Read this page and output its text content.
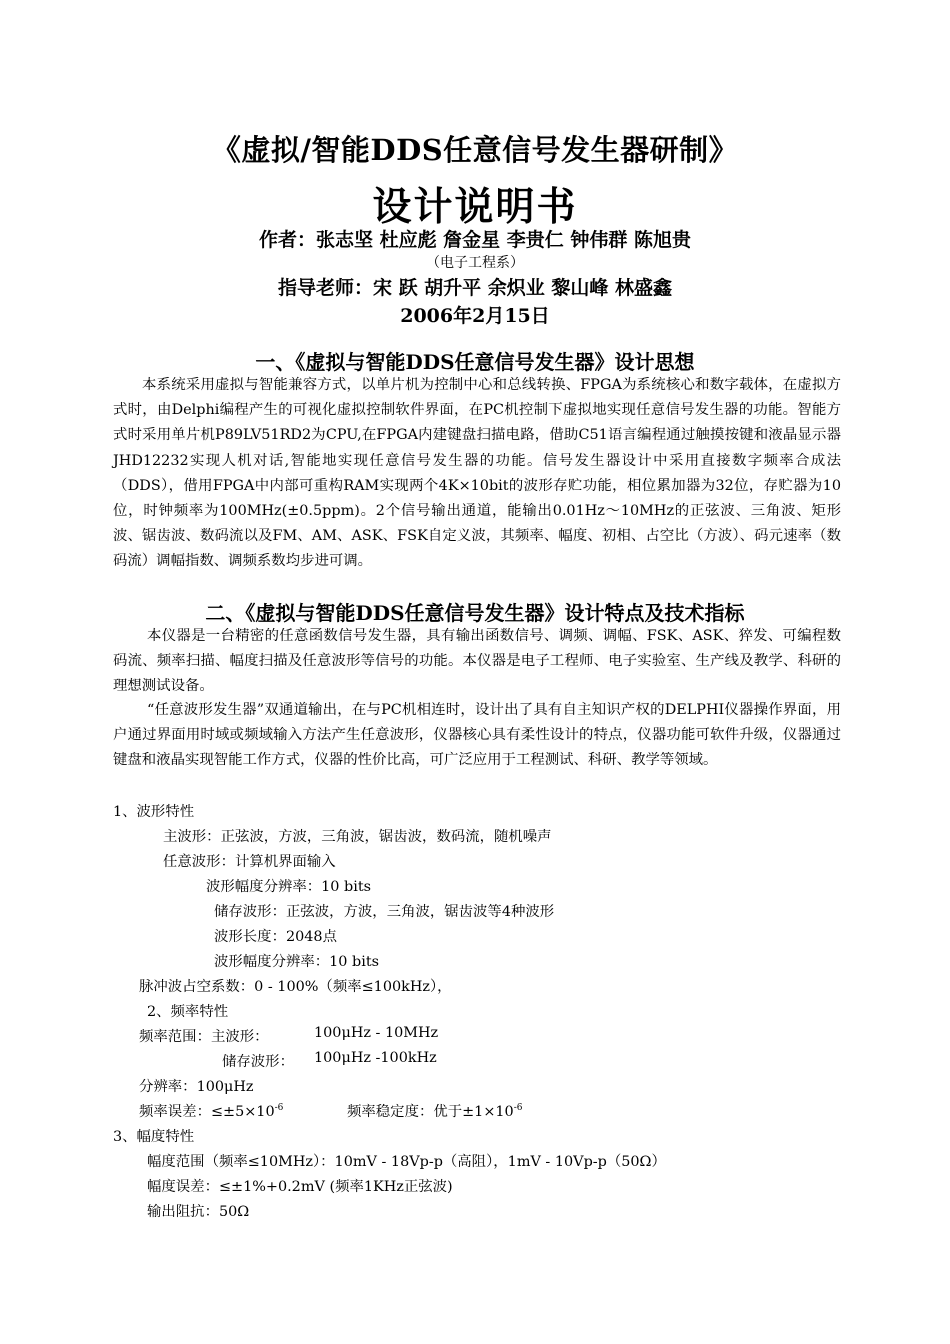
《虚拟/智能DDS任意信号发生器研制》
设计说明书
作者：张志坚 杜应彪 詹金星 李贵仁 钟伟群 陈旭贵
（电子工程系）
指导老师：宋 跃 胡升平 余炽业 黎山峰 林盛鑫
2006年2月15日
一、《虚拟与智能DDS任意信号发生器》设计思想

本系统采用虚拟与智能兼容方式，以单片机为控制中心和总线转换、FPGA为系统核心和数字载体，在虚拟方式时，由Delphi编程产生的可视化虚拟控制软件界面，在PC机控制下虚拟地实现任意信号发生器的功能。智能方式时采用单片机P89LV51RD2为CPU,在FPGA内建键盘扫描电路，借助C51语言编程通过触摸按键和液晶显示器JHD12232实现人机对话,智能地实现任意信号发生器的功能。信号发生器设计中采用直接数字频率合成法（DDS），借用FPGA中内部可重构RAM实现两个4K×10bit的波形存贮功能，相位累加器为32位，存贮器为10位，时钟频率为100MHz(±0.5ppm)。2个信号输出通道，能输出0.01Hz～10MHz的正弦波、三角波、矩形波、锯齿波、数码流以及FM、AM、ASK、FSK自定义波，其频率、幅度、初相、占空比（方波）、码元速率（数码流）调幅指数、调频系数均步进可调。

二、《虚拟与智能DDS任意信号发生器》设计特点及技术指标

本仪器是一台精密的任意函数信号发生器，具有输出函数信号、调频、调幅、FSK、ASK、猝发、可编程数码流、频率扫描、幅度扫描及任意波形等信号的功能。本仪器是电子工程师、电子实验室、生产线及教学、科研的理想测试设备。

“任意波形发生器”双通道输出，在与PC机相连时，设计出了具有自主知识产权的DELPHI仪器操作界面，用户通过界面用时域或频域输入方法产生任意波形，仪器核心具有柔性设计的特点，仪器功能可软件升级，仪器通过键盘和液晶实现智能工作方式，仪器的性价比高，可广泛应用于工程测试、科研、教学等领域。

1、波形特性
主波形：正弦波，方波，三角波，锯齿波，数码流，随机噪声
任意波形：计算机界面输入
波形幅度分辨率：10 bits
储存波形：正弦波，方波，三角波，锯齿波等4种波形
波形长度：2048点
波形幅度分辨率：10 bits
脉冲波占空系数：0 - 100%（频率≤100kHz），
2、频率特性
频率范围：主波形：	100μHz - 10MHz
储存波形： 100μHz -100kHz
分辨率：100μHz
频率误差：$\le\pm 5\times 10^{-6}$	频率稳定度：优于$\pm 1\times 10^{-6}$
3、幅度特性
幅度范围（频率≤10MHz）：10mV - 18Vp-p（高阻），1mV - 10Vp-p（50Ω）
幅度误差：≤±1%+0.2mV (频率1KHz正弦波)
输出阻抗：50Ω
